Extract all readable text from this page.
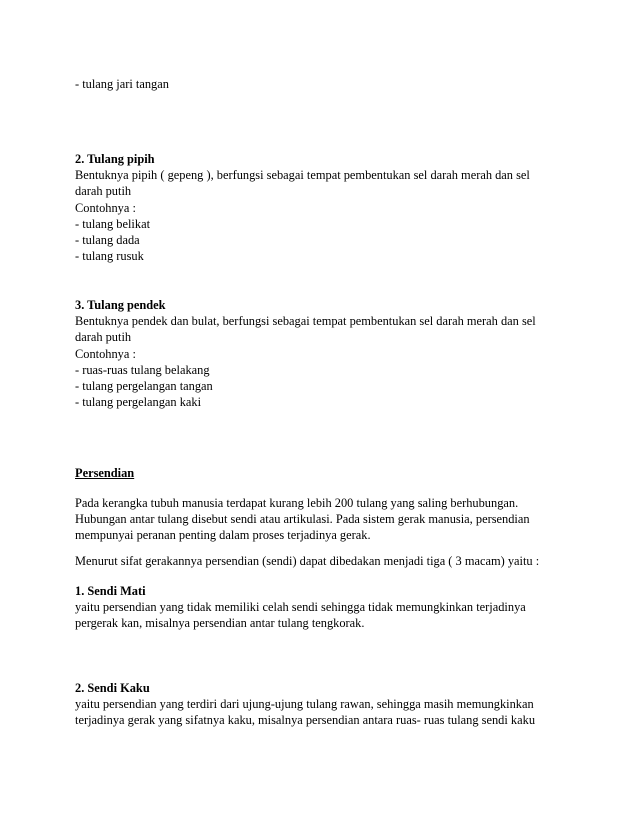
- tulang jari tangan
2. Tulang pipih
Bentuknya pipih ( gepeng ), berfungsi sebagai tempat pembentukan sel darah merah dan sel
darah putih
Contohnya :
- tulang belikat
- tulang dada
- tulang rusuk
3. Tulang pendek
Bentuknya pendek dan bulat, berfungsi sebagai tempat pembentukan sel darah merah dan sel
darah putih
Contohnya :
- ruas-ruas tulang belakang
- tulang pergelangan tangan
- tulang pergelangan kaki
Persendian
Pada kerangka tubuh manusia terdapat kurang lebih 200 tulang yang saling berhubungan.
Hubungan antar tulang disebut sendi atau artikulasi. Pada sistem gerak manusia, persendian
mempunyai peranan penting dalam proses terjadinya gerak.
Menurut sifat gerakannya persendian (sendi) dapat dibedakan menjadi tiga ( 3 macam) yaitu :
1. Sendi Mati
yaitu persendian yang tidak memiliki celah sendi sehingga tidak memungkinkan terjadinya
pergerak kan, misalnya persendian antar tulang tengkorak.
2. Sendi Kaku
yaitu persendian yang terdiri dari ujung-ujung tulang rawan, sehingga masih memungkinkan
terjadinya gerak yang sifatnya kaku, misalnya persendian antara ruas- ruas tulang sendi kaku
